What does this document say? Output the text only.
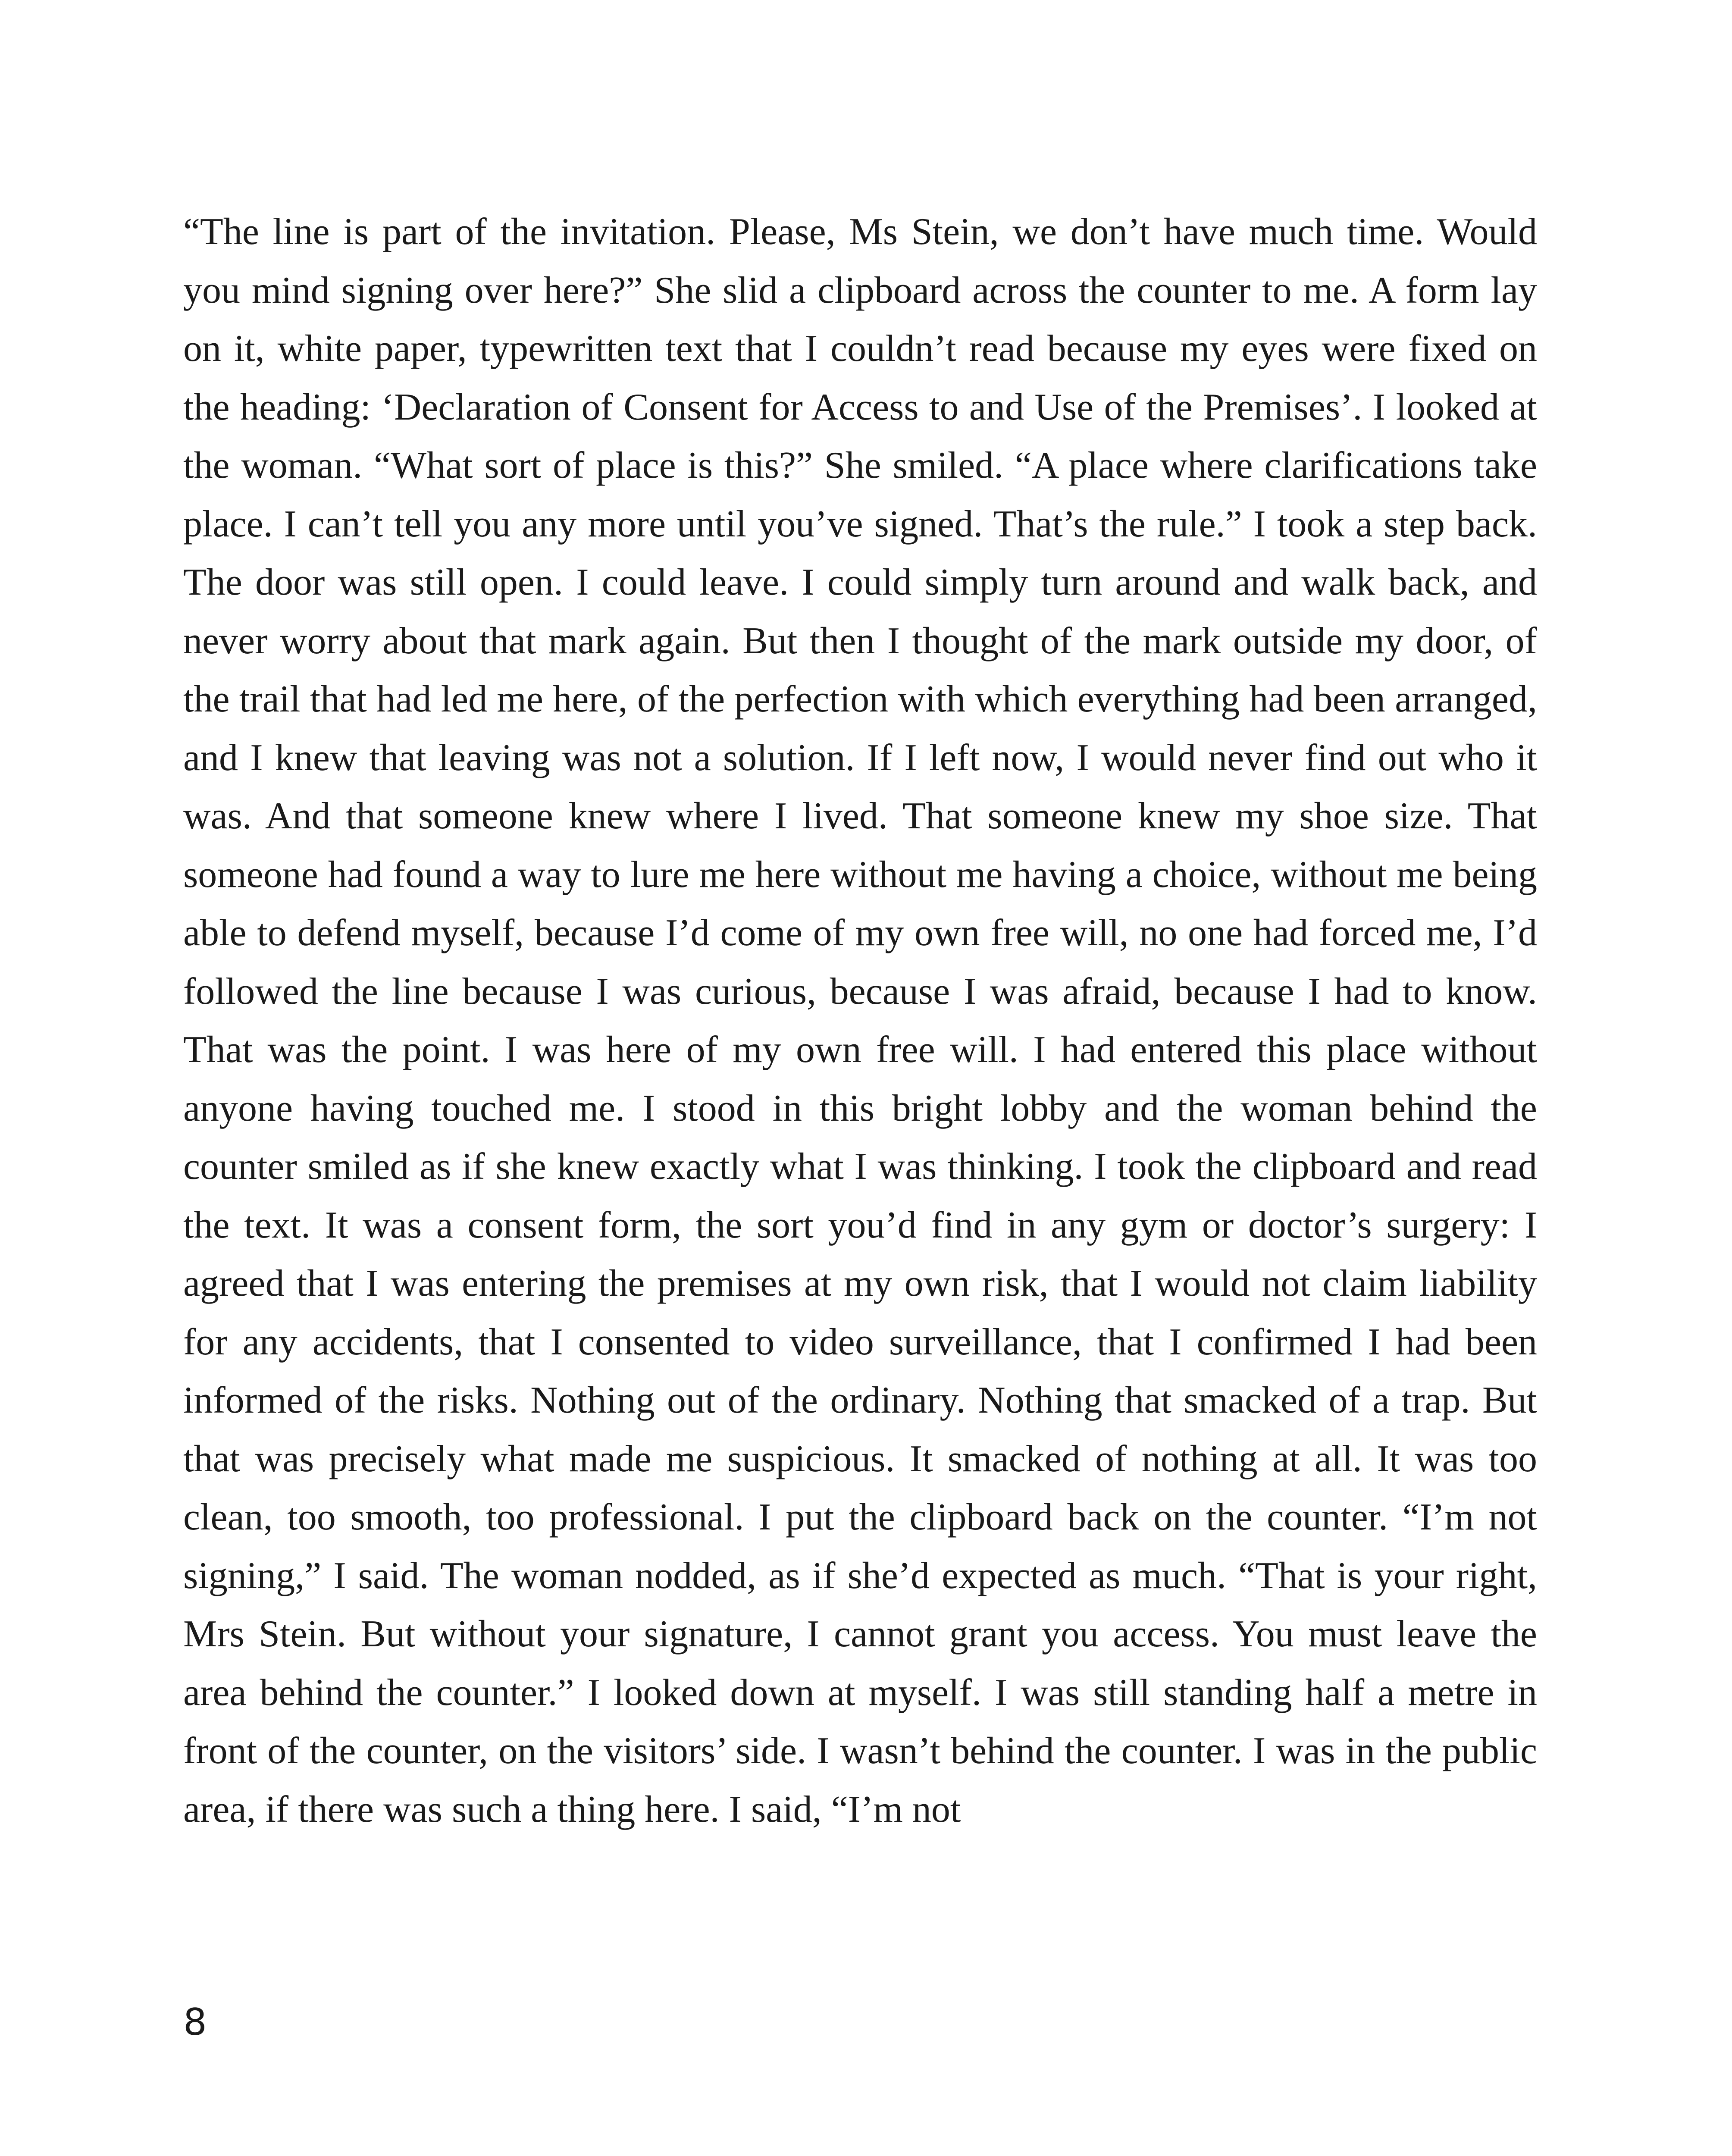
“The line is part of the invitation. Please, Ms Stein, we don’t have much time. Would you mind signing over here?” She slid a clipboard across the counter to me. A form lay on it, white paper, typewritten text that I couldn’t read because my eyes were fixed on the heading: ‘Declaration of Consent for Access to and Use of the Premises’. I looked at the woman. “What sort of place is this?” She smiled. “A place where clarifications take place. I can’t tell you any more until you’ve signed. That’s the rule.” I took a step back. The door was still open. I could leave. I could simply turn around and walk back, and never worry about that mark again. But then I thought of the mark outside my door, of the trail that had led me here, of the perfection with which everything had been arranged, and I knew that leaving was not a solution. If I left now, I would never find out who it was. And that someone knew where I lived. That someone knew my shoe size. That someone had found a way to lure me here without me having a choice, without me being able to defend myself, because I’d come of my own free will, no one had forced me, I’d followed the line because I was curious, because I was afraid, because I had to know. That was the point. I was here of my own free will. I had entered this place without anyone having touched me. I stood in this bright lobby and the woman behind the counter smiled as if she knew exactly what I was thinking. I took the clipboard and read the text. It was a consent form, the sort you’d find in any gym or doctor’s surgery: I agreed that I was entering the premises at my own risk, that I would not claim liability for any accidents, that I consented to video surveillance, that I confirmed I had been informed of the risks. Nothing out of the ordinary. Nothing that smacked of a trap. But that was precisely what made me suspicious. It smacked of nothing at all. It was too clean, too smooth, too professional. I put the clipboard back on the counter. “I’m not signing,” I said. The woman nodded, as if she’d expected as much. “That is your right, Mrs Stein. But without your signature, I cannot grant you access. You must leave the area behind the counter.” I looked down at myself. I was still standing half a metre in front of the counter, on the visitors’ side. I wasn’t behind the counter. I was in the public area, if there was such a thing here. I said, “I’m not

8
